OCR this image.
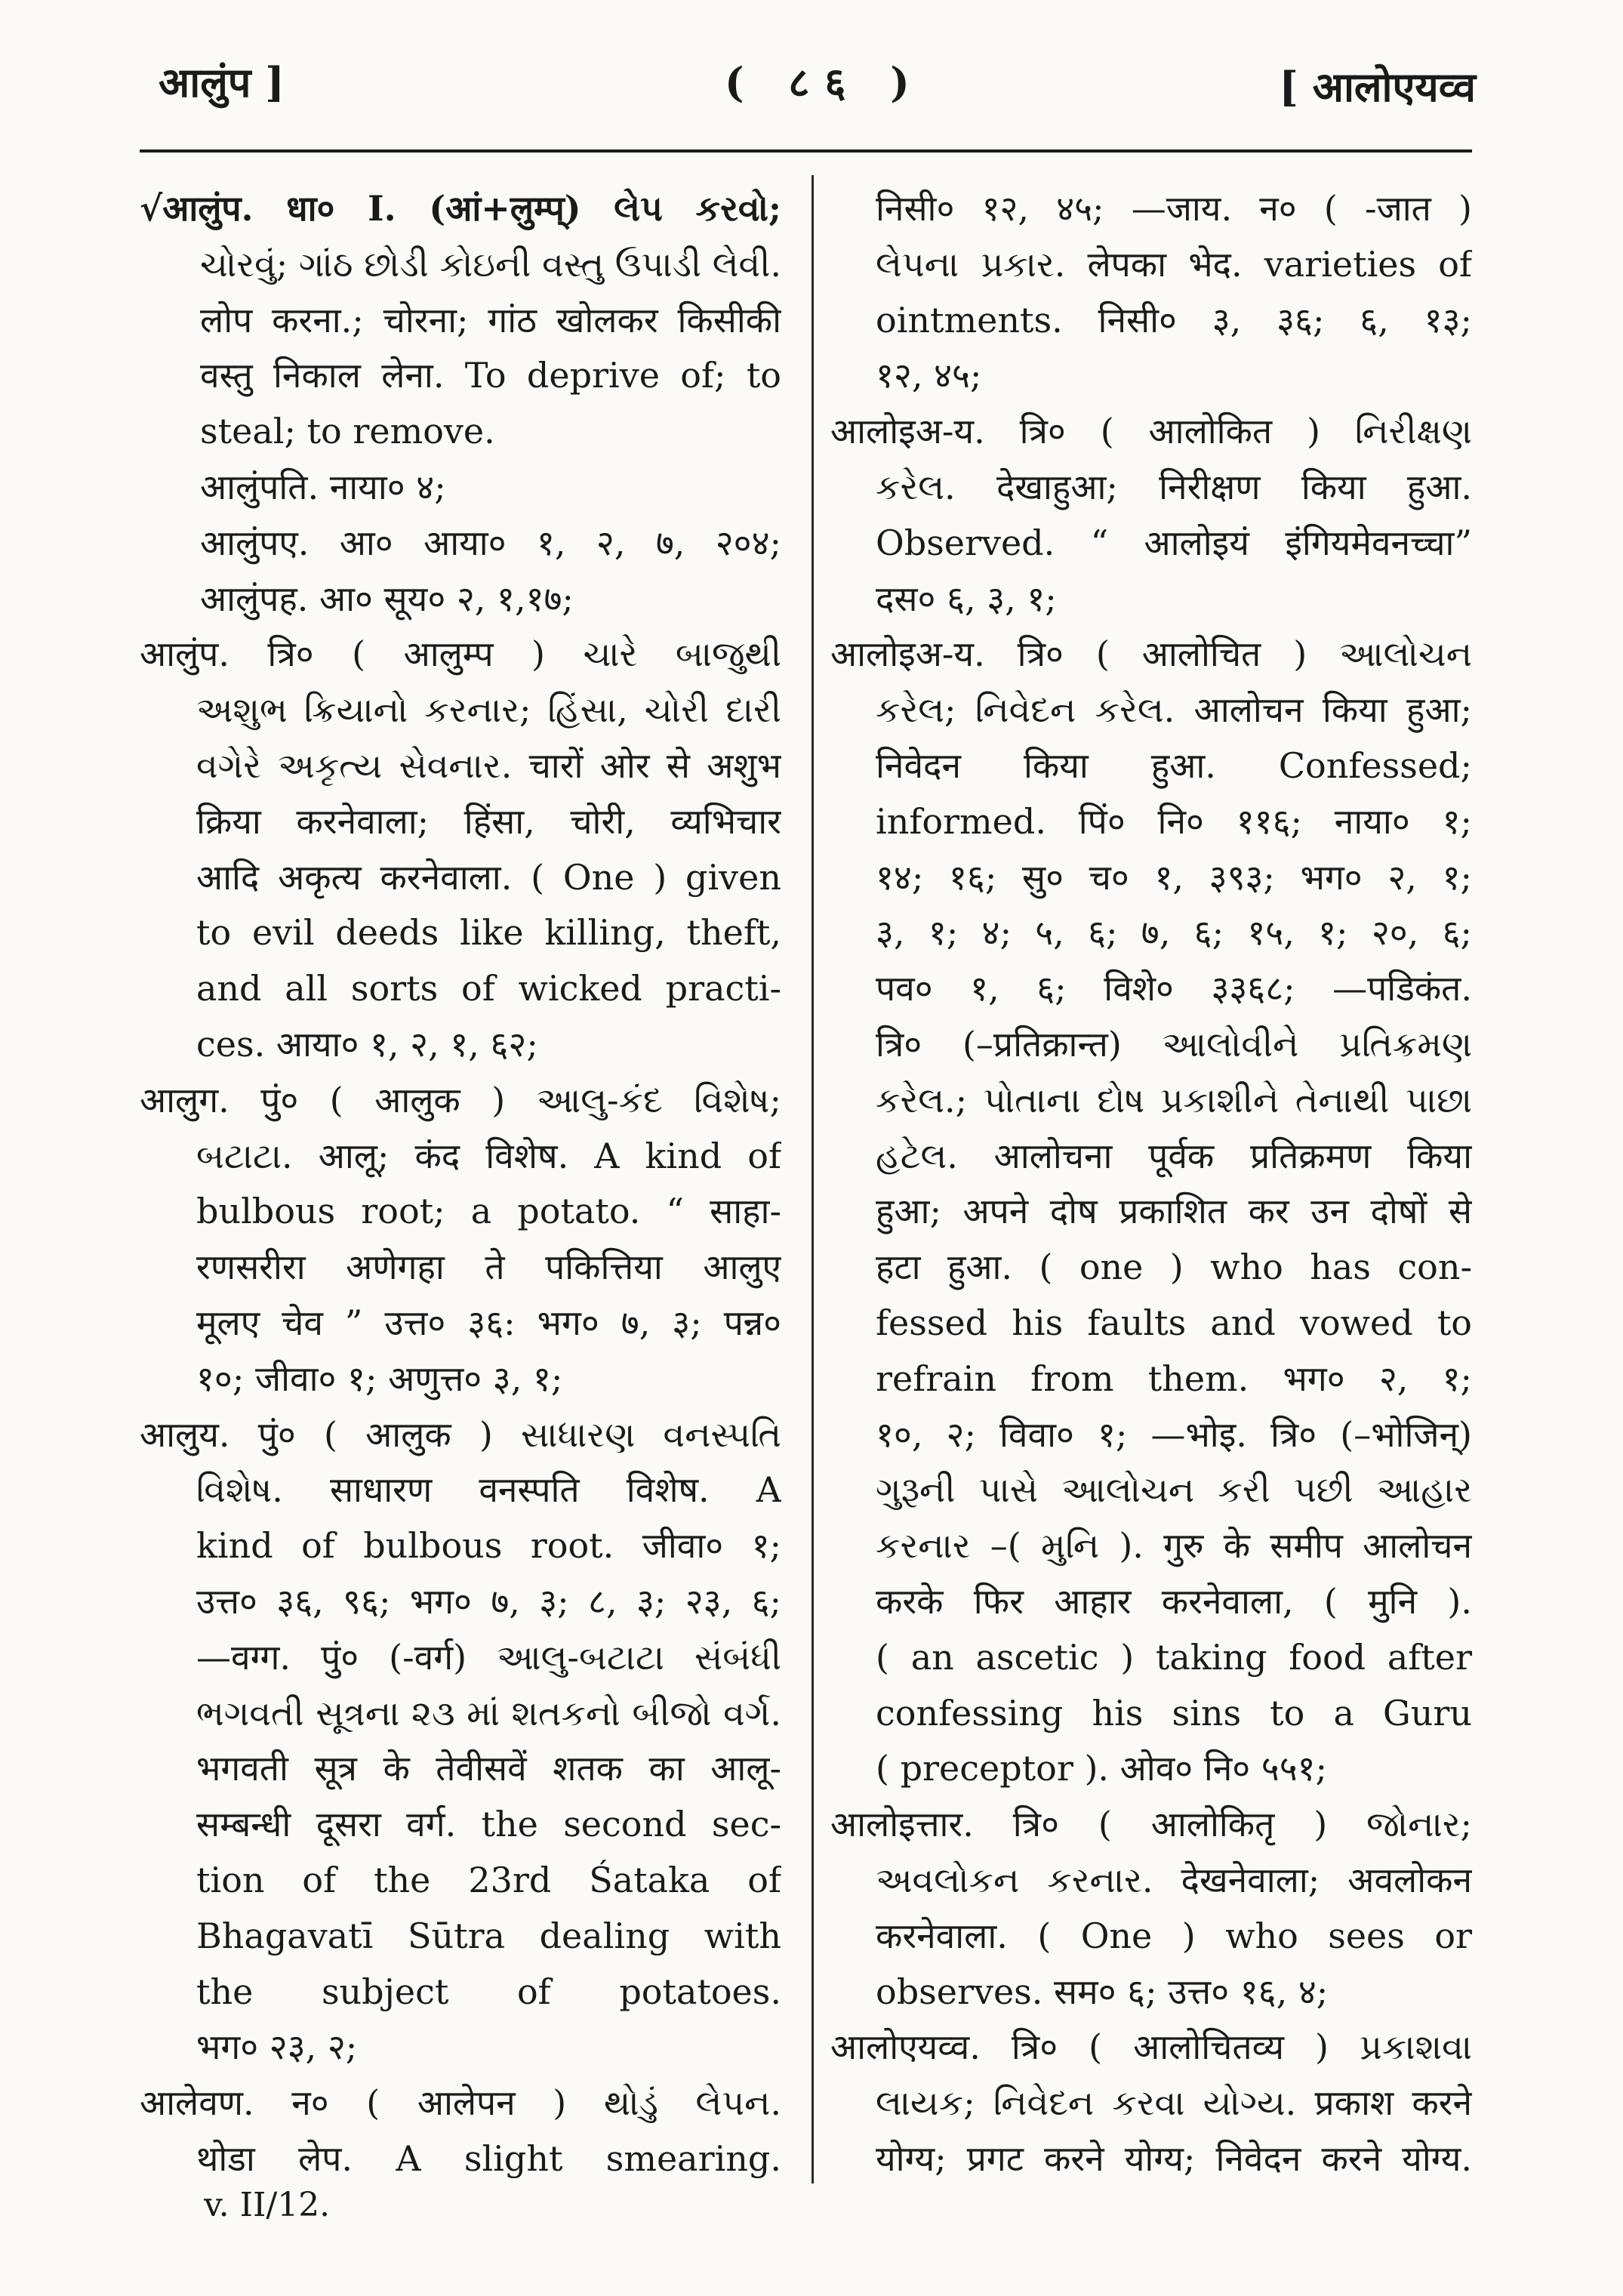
आलुंप ]	( ८६ )	[ आलोएयव्व
√आलुंप. धा० I. (आं+लुम्प्) લેપ કરવો;
ચોરવું; ગાંઠ છોડી કોઇની વસ્તુ ઉપાડી લેવી.
लोप करना.; चोरना; गांठ खोलकर किसीकी
वस्तु निकाल लेना. To deprive of; to
steal; to remove.
आलुंपति. नाया० ४;
आलुंपए. आ० आया० १, २, ७, २०४;
आलुंपह. आ० सूय० २, १,१७;
आलुंप. त्रि० ( आलुम्प ) ચારે બાજુથી
અશુભ ક્રિયાનો કરનાર; હિંસા, ચોરી દારી
વગેરે અકૃત્ય સેવનાર. चारों ओर से अशुभ
क्रिया करनेवाला; हिंसा, चोरी, व्यभिचार
आदि अकृत्य करनेवाला. ( One ) given
to evil deeds like killing, theft,
and all sorts of wicked practi-
ces. आया० १, २, १, ६२;
आलुग. पुं० ( आलुक ) આલુ-કંદ વિશેષ;
બટાટા. आलू; कंद विशेष. A kind of
bulbous root; a potato. “ साहा-
रणसरीरा अणेगहा ते पकित्तिया आलुए
मूलए चेव ” उत्त० ३६: भग० ७, ३; पन्न०
१०; जीवा० १; अणुत्त० ३, १;
आलुय. पुं० ( आलुक ) સાધારણ વનસ્પતિ
વિશેષ. साधारण वनस्पति विशेष. A
kind of bulbous root. जीवा० १;
उत्त० ३६, ९६; भग० ७, ३; ८, ३; २३, ६;
—वग्ग. पुं० (-वर्ग) આલુ-બટાટા સંબંધી
ભગવતી સૂત્રના ૨૩ માં શતકનો બીજો વર્ગ.
भगवती सूत्र के तेवीसवें शतक का आलू-
सम्बन्धी दूसरा वर्ग. the second sec-
tion of the 23rd Śataka of
Bhagavatī Sūtra dealing with
the subject of potatoes.
भग० २३, २;
आलेवण. न० ( आलेपन ) થોડું લેપન.
थोडा लेप. A slight smearing.
निसी० १२, ४५; —जाय. न० ( -जात )
લેપના પ્રકાર. लेपका भेद. varieties of
ointments. निसी० ३, ३६; ६, १३;
१२, ४५;
आलोइअ-य. त्रि० ( आलोकित ) નિરીક્ષણ
કરેલ. देखाहुआ; निरीक्षण किया हुआ.
Observed. “ आलोइयं इंगियमेवनच्चा”
दस० ६, ३, १;
आलोइअ-य. त्रि० ( आलोचित ) આલોચન
કરેલ; નિવેદન કરેલ. आलोचन किया हुआ;
निवेदन किया हुआ. Confessed;
informed. पिं० नि० ११६; नाया० १;
१४; १६; सु० च० १, ३९३; भग० २, १;
३, १; ४; ५, ६; ७, ६; १५, १; २०, ६;
पव० १, ६; विशे० ३३६८; —पडिकंत.
त्रि० (–प्रतिक्रान्त) આલોવીને પ્રતિક્રમણ
કરેલ.; પોતાના દોષ પ્રકાશીને તેનાથી પાછા
હટેલ. आलोचना पूर्वक प्रतिक्रमण किया
हुआ; अपने दोष प्रकाशित कर उन दोषों से
हटा हुआ. ( one ) who has con-
fessed his faults and vowed to
refrain from them. भग० २, १;
१०, २; विवा० १; —भोइ. त्रि० (–भोजिन्)
ગુરૂની પાસે આલોચન કરી પછી આહાર
કરનાર –( મુનિ ). गुरु के समीप आलोचन
करके फिर आहार करनेवाला, ( मुनि ).
( an ascetic ) taking food after
confessing his sins to a Guru
( preceptor ). ओव० नि० ५५१;
आलोइत्तार. त्रि० ( आलोकितृ ) જોનાર;
અવલોકન કરનાર. देखनेवाला; अवलोकन
करनेवाला. ( One ) who sees or
observes. सम० ६; उत्त० १६, ४;
आलोएयव्व. त्रि० ( आलोचितव्य ) પ્રકાશવા
લાયક; નિવેદન કરવા યોગ્ય. प्रकाश करने
योग्य; प्रगट करने योग्य; निवेदन करने योग्य.
v. II/12.
